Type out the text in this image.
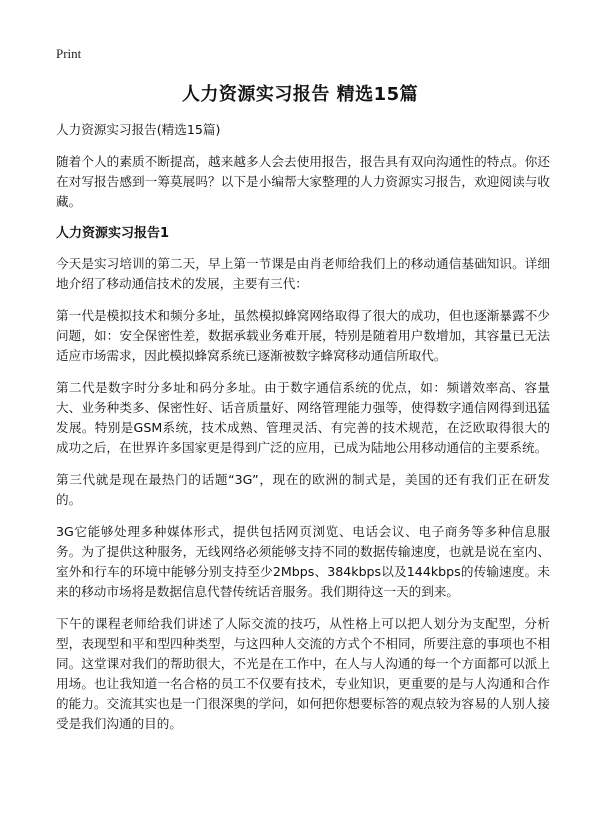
Print
人力资源实习报告 精选15篇

人力资源实习报告(精选15篇)

随着个人的素质不断提高，越来越多人会去使用报告，报告具有双向沟通性的特点。你还在对写报告感到一筹莫展吗？以下是小编帮大家整理的人力资源实习报告，欢迎阅读与收藏。

人力资源实习报告1

今天是实习培训的第二天，早上第一节课是由肖老师给我们上的移动通信基础知识。详细地介绍了移动通信技术的发展，主要有三代：

第一代是模拟技术和频分多址，虽然模拟蜂窝网络取得了很大的成功，但也逐渐暴露不少问题，如：安全保密性差，数据承载业务难开展，特别是随着用户数增加，其容量已无法适应市场需求，因此模拟蜂窝系统已逐渐被数字蜂窝移动通信所取代。

第二代是数字时分多址和码分多址。由于数字通信系统的优点，如：频谱效率高、容量大、业务种类多、保密性好、话音质量好、网络管理能力强等，使得数字通信网得到迅猛发展。特别是GSM系统，技术成熟、管理灵活、有完善的技术规范，在泛欧取得很大的成功之后，在世界许多国家更是得到广泛的应用，已成为陆地公用移动通信的主要系统。

第三代就是现在最热门的话题“3G”，现在的欧洲的制式是，美国的还有我们正在研发的。

3G它能够处理多种媒体形式，提供包括网页浏览、电话会议、电子商务等多种信息服务。为了提供这种服务，无线网络必须能够支持不同的数据传输速度，也就是说在室内、室外和行车的环境中能够分别支持至少2Mbps、384kbps以及144kbps的传输速度。未来的移动市场将是数据信息代替传统话音服务。我们期待这一天的到来。

下午的课程老师给我们讲述了人际交流的技巧，从性格上可以把人划分为支配型，分析型，表现型和平和型四种类型，与这四种人交流的方式个不相同，所要注意的事项也不相同。这堂课对我们的帮助很大，不光是在工作中，在人与人沟通的每一个方面都可以派上用场。也让我知道一名合格的员工不仅要有技术，专业知识，更重要的是与人沟通和合作的能力。交流其实也是一门很深奥的学问，如何把你想要标答的观点较为容易的人别人接受是我们沟通的目的。
